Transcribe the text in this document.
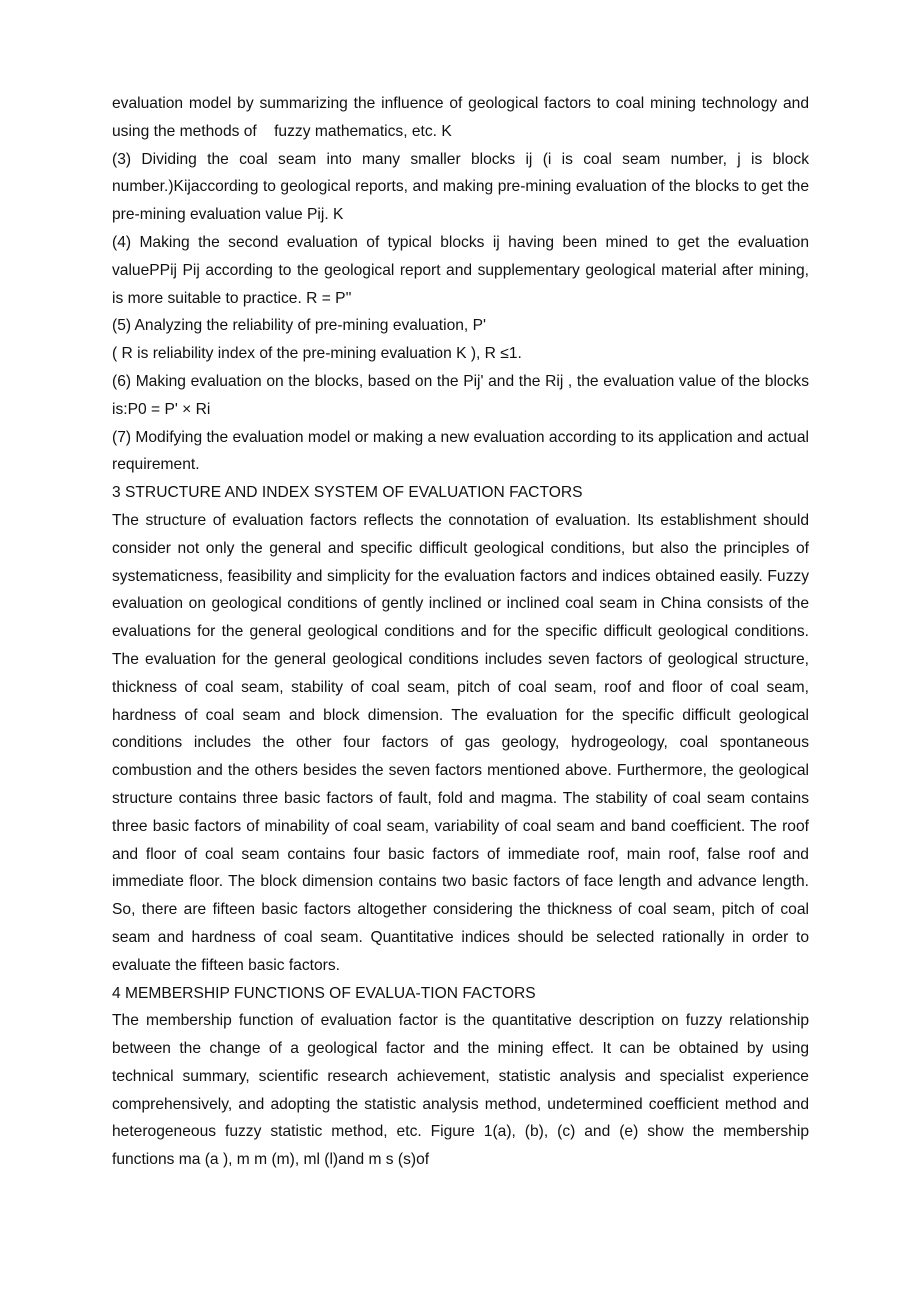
evaluation model by summarizing the influence of geological factors to coal mining technology and using the methods of    fuzzy mathematics, etc. K

(3) Dividing the coal seam into many smaller blocks ij (i is coal seam number, j is block number.)Kijaccording to geological reports, and making pre-mining evaluation of the blocks to get the pre-mining evaluation value Pij. K

(4) Making the second evaluation of typical blocks ij having been mined to get the evaluation valuePPij Pij according to the geological report and supplementary geological material after mining, is more suitable to practice. R = P''

(5) Analyzing the reliability of pre-mining evaluation, P'

( R is reliability index of the pre-mining evaluation K ), R ≤1.

(6) Making evaluation on the blocks, based on the Pij' and the Rij , the evaluation value of the blocks is:P0 = P' × Ri

(7) Modifying the evaluation model or making a new evaluation according to its application and actual requirement.

3 STRUCTURE AND INDEX SYSTEM OF EVALUATION FACTORS

The structure of evaluation factors reflects the connotation of evaluation. Its establishment should consider not only the general and specific difficult geological conditions, but also the principles of systematicness, feasibility and simplicity for the evaluation factors and indices obtained easily. Fuzzy evaluation on geological conditions of gently inclined or inclined coal seam in China consists of the evaluations for the general geological conditions and for the specific difficult geological conditions. The evaluation for the general geological conditions includes seven factors of geological structure, thickness of coal seam, stability of coal seam, pitch of coal seam, roof and floor of coal seam, hardness of coal seam and block dimension. The evaluation for the specific difficult geological conditions includes the other four factors of gas geology, hydrogeology, coal spontaneous combustion and the others besides the seven factors mentioned above. Furthermore, the geological structure contains three basic factors of fault, fold and magma. The stability of coal seam contains three basic factors of minability of coal seam, variability of coal seam and band coefficient. The roof and floor of coal seam contains four basic factors of immediate roof, main roof, false roof and immediate floor. The block dimension contains two basic factors of face length and advance length. So, there are fifteen basic factors altogether considering the thickness of coal seam, pitch of coal seam and hardness of coal seam. Quantitative indices should be selected rationally in order to evaluate the fifteen basic factors.

4 MEMBERSHIP FUNCTIONS OF EVALUA-TION FACTORS

The membership function of evaluation factor is the quantitative description on fuzzy relationship between the change of a geological factor and the mining effect. It can be obtained by using technical summary, scientific research achievement, statistic analysis and specialist experience comprehensively, and adopting the statistic analysis method, undetermined coefficient method and heterogeneous fuzzy statistic method, etc. Figure 1(a), (b), (c) and (e) show the membership functions ma (a ), m m (m), ml (l)and m s (s)of
